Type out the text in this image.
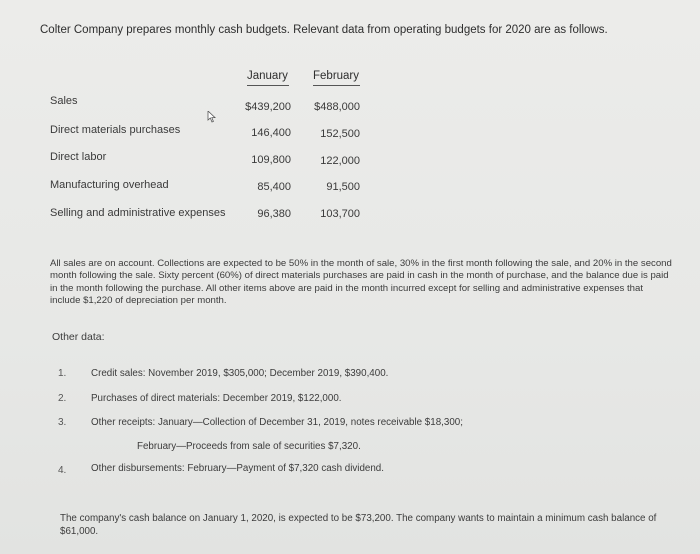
Colter Company prepares monthly cash budgets. Relevant data from operating budgets for 2020 are as follows.
January February
Sales	$439,200	$488,000
Direct materials purchases	146,400	152,500
Direct labor	109,800	122,000
Manufacturing overhead	85,400	91,500
Selling and administrative expenses	96,380	103,700
All sales are on account. Collections are expected to be 50% in the month of sale, 30% in the first month following the sale, and 20% in the second month following the sale. Sixty percent (60%) of direct materials purchases are paid in cash in the month of purchase, and the balance due is paid in the month following the purchase. All other items above are paid in the month incurred except for selling and administrative expenses that include $1,220 of depreciation per month.
Other data:
1.	Credit sales: November 2019, $305,000; December 2019, $390,400.
2.	Purchases of direct materials: December 2019, $122,000.
3.	Other receipts: January—Collection of December 31, 2019, notes receivable $18,300;
February—Proceeds from sale of securities $7,320.
4.	Other disbursements: February—Payment of $7,320 cash dividend.
The company's cash balance on January 1, 2020, is expected to be $73,200. The company wants to maintain a minimum cash balance of $61,000.
